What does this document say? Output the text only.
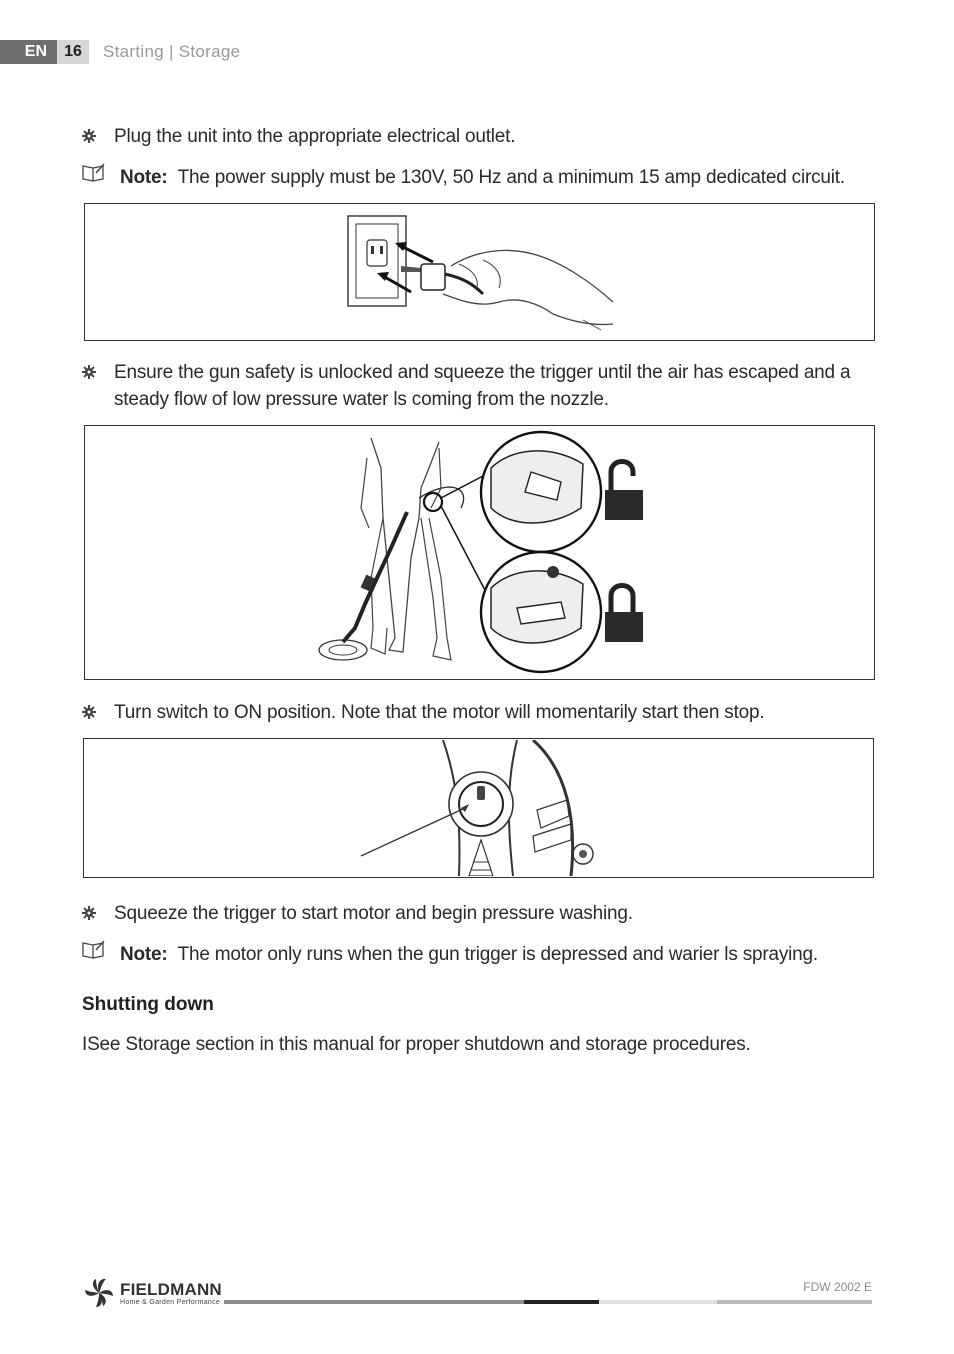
EN	16	Starting | Storage
Plug the unit into the appropriate electrical outlet.
Note: The power supply must be 130V, 50 Hz and a minimum 15 amp dedicated circuit.
Ensure the gun safety is unlocked and squeeze the trigger until the air has escaped and a steady flow of low pressure water ls coming from the nozzle.
Turn switch to ON position. Note that the motor will momentarily start then stop.
Squeeze the trigger to start motor and begin pressure washing.
Note: The motor only runs when the gun trigger is depressed and warier ls spraying.
Shutting down
ISee Storage section in this manual for proper shutdown and storage procedures.
FIELDMANN
Home & Garden Performance
FDW 2002 E
